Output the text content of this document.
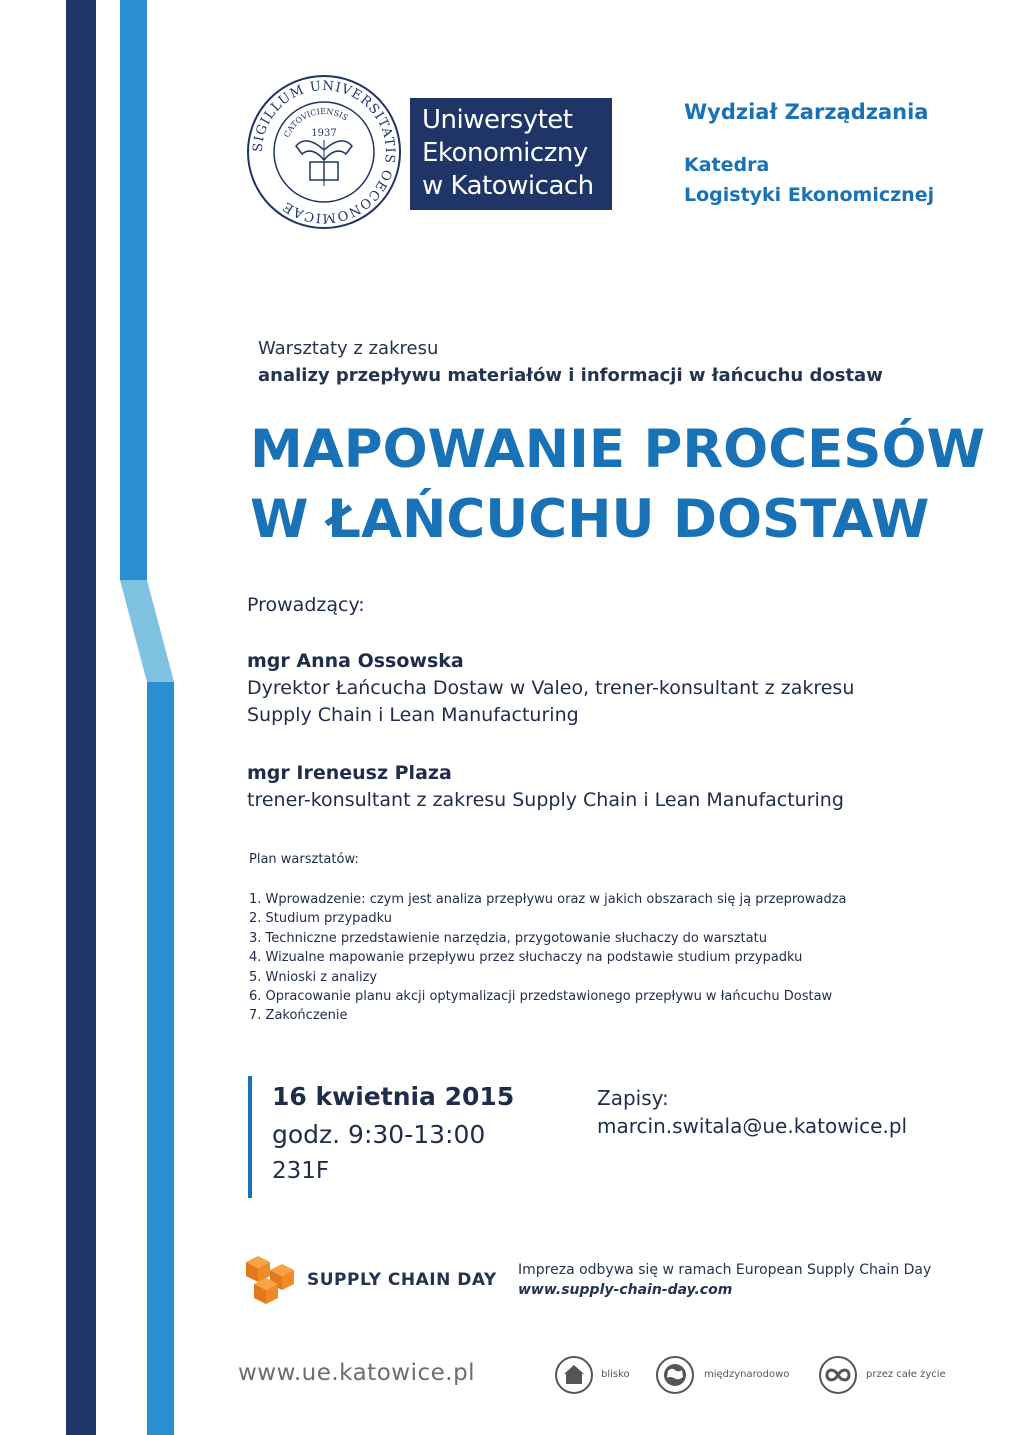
SIGILLUM UNIVERSITATIS OECONOMICAE
CATOVICIENSIS
1937	Uniwersytet
Ekonomiczny
w Katowicach
Wydział Zarządzania
Katedra
Logistyki Ekonomicznej
Warsztaty z zakresu
analizy przepływu materiałów i informacji w łańcuchu dostaw
MAPOWANIE PROCESÓW
W ŁAŃCUCHU DOSTAW
Prowadzący:
mgr Anna Ossowska
Dyrektor Łańcucha Dostaw w Valeo, trener-konsultant z zakresu
Supply Chain i Lean Manufacturing
mgr Ireneusz Plaza
trener-konsultant z zakresu Supply Chain i Lean Manufacturing
Plan warsztatów:
1. Wprowadzenie: czym jest analiza przepływu oraz w jakich obszarach się ją przeprowadza
2. Studium przypadku
3. Techniczne przedstawienie narzędzia, przygotowanie słuchaczy do warsztatu
4. Wizualne mapowanie przepływu przez słuchaczy na podstawie studium przypadku
5. Wnioski z analizy
6. Opracowanie planu akcji optymalizacji przedstawionego przepływu w łańcuchu Dostaw
7. Zakończenie
16 kwietnia 2015
godz. 9:30-13:00
231F
Zapisy:
marcin.switala@ue.katowice.pl
SUPPLY CHAIN DAY Impreza odbywa się w ramach European Supply Chain Day
www.supply-chain-day.com
www.ue.katowice.pl	blisko	międzynarodowo	przez całe życie
